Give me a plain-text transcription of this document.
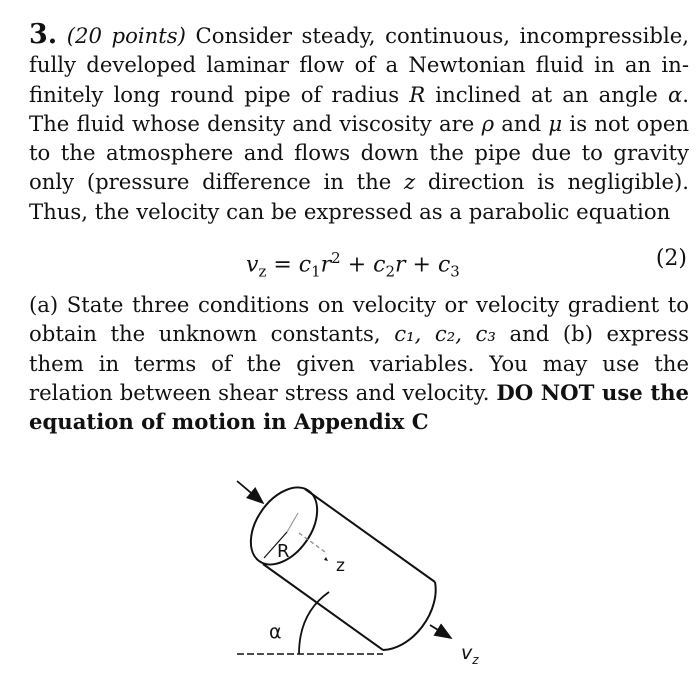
3. (20 points) Consider steady, continuous, incompressible, fully developed laminar flow of a Newtonian fluid in an infinitely long round pipe of radius R inclined at an angle α. The fluid whose density and viscosity are ρ and μ is not open to the atmosphere and flows down the pipe due to gravity only (pressure difference in the z direction is negligible). Thus, the velocity can be expressed as a parabolic equation

$v_z = c_1r^2 + c_2r + c_3$
(2)

(a) State three conditions on velocity or velocity gradient to obtain the unknown constants, c₁, c₂, c₃ and (b) express them in terms of the given variables. You may use the relation between shear stress and velocity. DO NOT use the equation of motion in Appendix C

R
z
α
$v_z$
